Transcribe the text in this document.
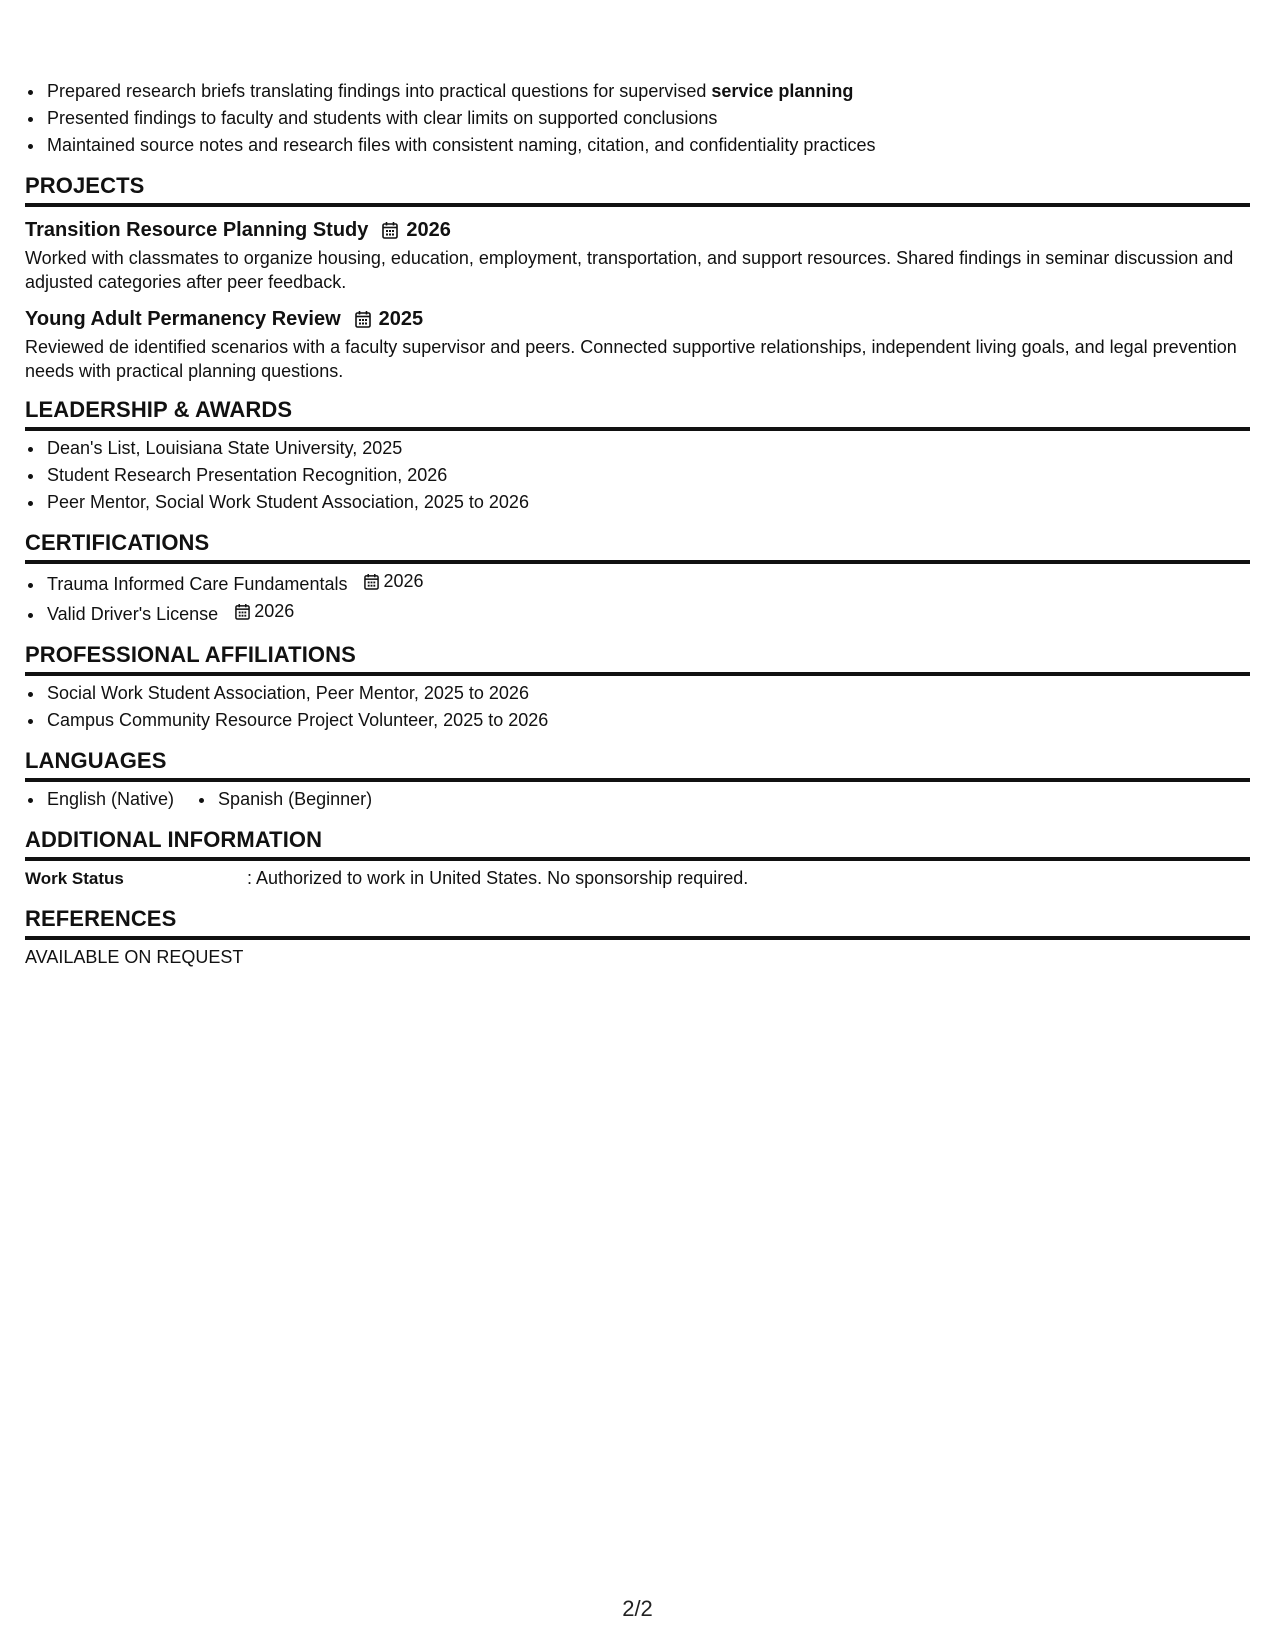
• Prepared research briefs translating findings into practical questions for supervised service planning
• Presented findings to faculty and students with clear limits on supported conclusions
• Maintained source notes and research files with consistent naming, citation, and confidentiality practices
PROJECTS
Transition Resource Planning Study 2026
Worked with classmates to organize housing, education, employment, transportation, and support resources. Shared findings in seminar discussion and adjusted categories after peer feedback.
Young Adult Permanency Review 2025
Reviewed de identified scenarios with a faculty supervisor and peers. Connected supportive relationships, independent living goals, and legal prevention needs with practical planning questions.
LEADERSHIP & AWARDS
• Dean's List, Louisiana State University, 2025
• Student Research Presentation Recognition, 2026
• Peer Mentor, Social Work Student Association, 2025 to 2026
CERTIFICATIONS
• Trauma Informed Care Fundamentals 2026
• Valid Driver's License 2026
PROFESSIONAL AFFILIATIONS
• Social Work Student Association, Peer Mentor, 2025 to 2026
• Campus Community Resource Project Volunteer, 2025 to 2026
LANGUAGES
• English (Native)
• Spanish (Beginner)
ADDITIONAL INFORMATION
Work Status	: Authorized to work in United States. No sponsorship required.
REFERENCES
AVAILABLE ON REQUEST
2/2
